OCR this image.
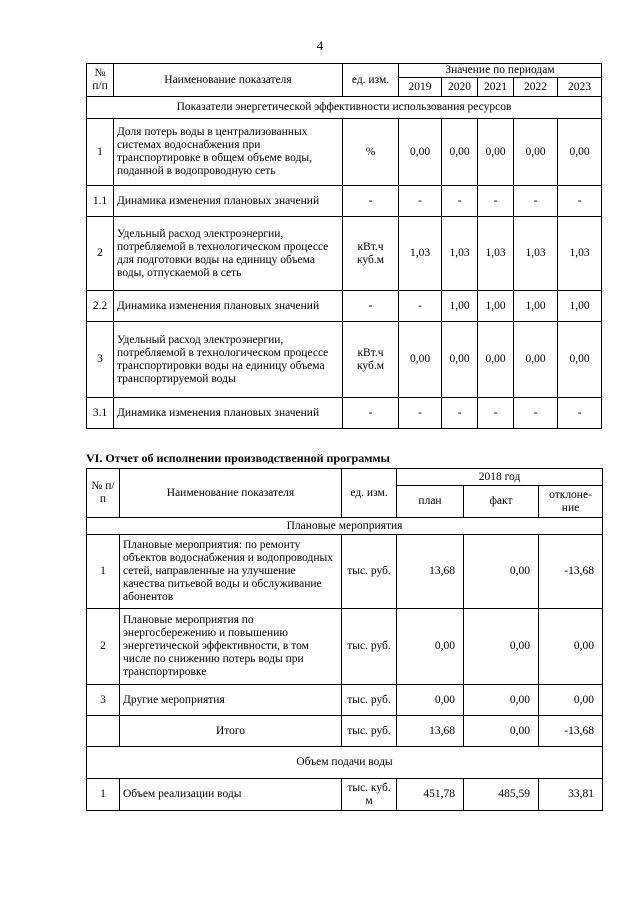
4
№ п/п	Наименование показателя	ед. изм.	Значение по периодам				
			2019	2020	2021	2022	2023
Показатели энергетической эффективности использования ресурсов							
1	Доля потерь воды в централизованных системах водоснабжения при транспортировке в общем объеме воды, поданной в водопроводную сеть	%	0,00	0,00	0,00	0,00	0,00
1.1	Динамика изменения плановых значений	-	-	-	-	-	-
2	Удельный расход электроэнергии, потребляемой в технологическом процессе для подготовки воды на единицу объема воды, отпускаемой в сеть	кВт.ч куб.м	1,03	1,03	1,03	1,03	1,03
2.2	Динамика изменения плановых значений	-	-	1,00	1,00	1,00	1,00
3	Удельный расход электроэнергии, потребляемой в технологическом процессе транспортировки воды на единицу объема транспортируемой воды	кВт.ч куб.м	0,00	0,00	0,00	0,00	0,00
3.1	Динамика изменения плановых значений	-	-	-	-	-	-
VI. Отчет об исполнении производственной программы
№ п/п	Наименование показателя	ед. изм.	2018 год		
			план	факт	отклоне-ние
Плановые мероприятия					
1	Плановые мероприятия: по ремонту объектов водоснабжения и водопроводных сетей, направленные на улучшение качества питьевой воды и обслуживание абонентов	тыс. руб.	13,68	0,00	-13,68
2	Плановые мероприятия по энергосбережению и повышению энергетической эффективности, в том числе по снижению потерь воды при транспортировке	тыс. руб.	0,00	0,00	0,00
3	Другие мероприятия	тыс. руб.	0,00	0,00	0,00
	Итого	тыс. руб.	13,68	0,00	-13,68
Объем подачи воды					
1	Объем реализации воды	тыс. куб. м	451,78	485,59	33,81
